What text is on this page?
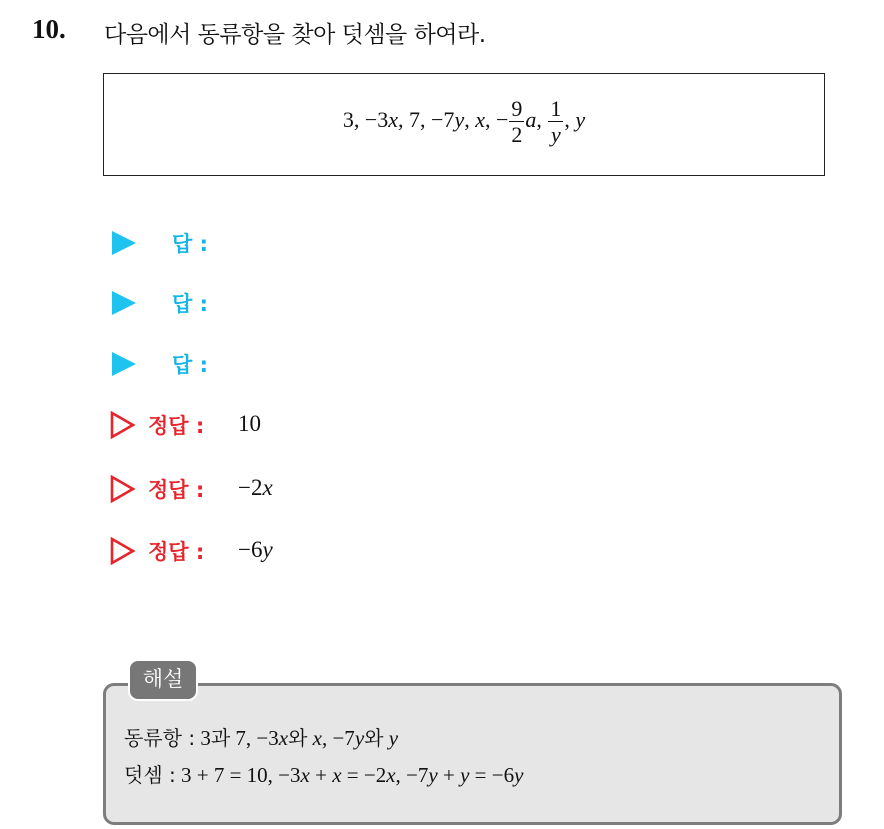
10. 다음에서 동류항을 찾아 덧셈을 하여라.
3, −3x, 7, −7y, x, − $\frac{9}{2} a$, $\frac{1}{y}$ , y
답 :
답 :
답 :
정답 : 10
정답 : −2x
정답 : −6y
해설
동류항 : 3과 7, −3x와 x, −7y와 y
덧셈 : 3 + 7 = 10, −3x + x = −2x, −7y + y = −6y
